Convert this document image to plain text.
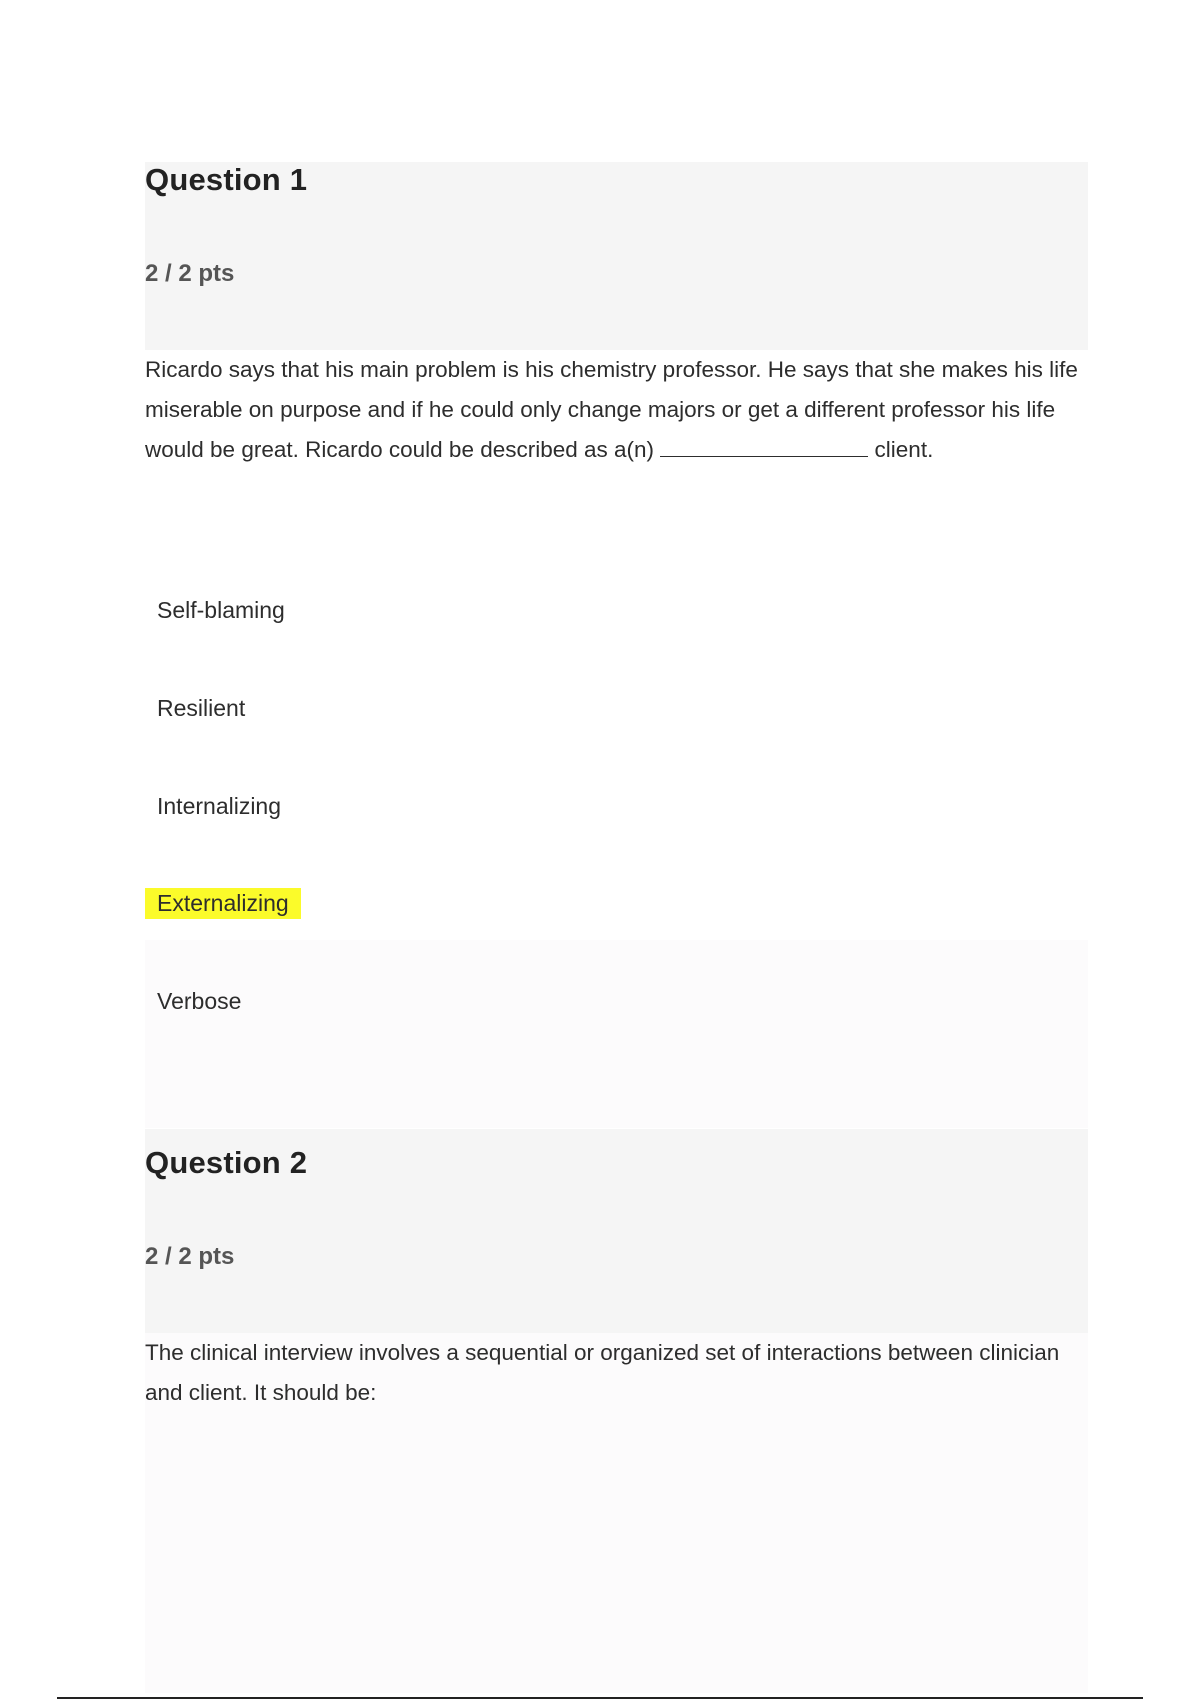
Question 1
2 / 2 pts
Ricardo says that his main problem is his chemistry professor. He says that she makes his life miserable on purpose and if he could only change majors or get a different professor his life would be great. Ricardo could be described as a(n)	client.
Self-blaming
Resilient
Internalizing
Externalizing
Verbose
Question 2
2 / 2 pts
The clinical interview involves a sequential or organized set of interactions between clinician and client. It should be:
